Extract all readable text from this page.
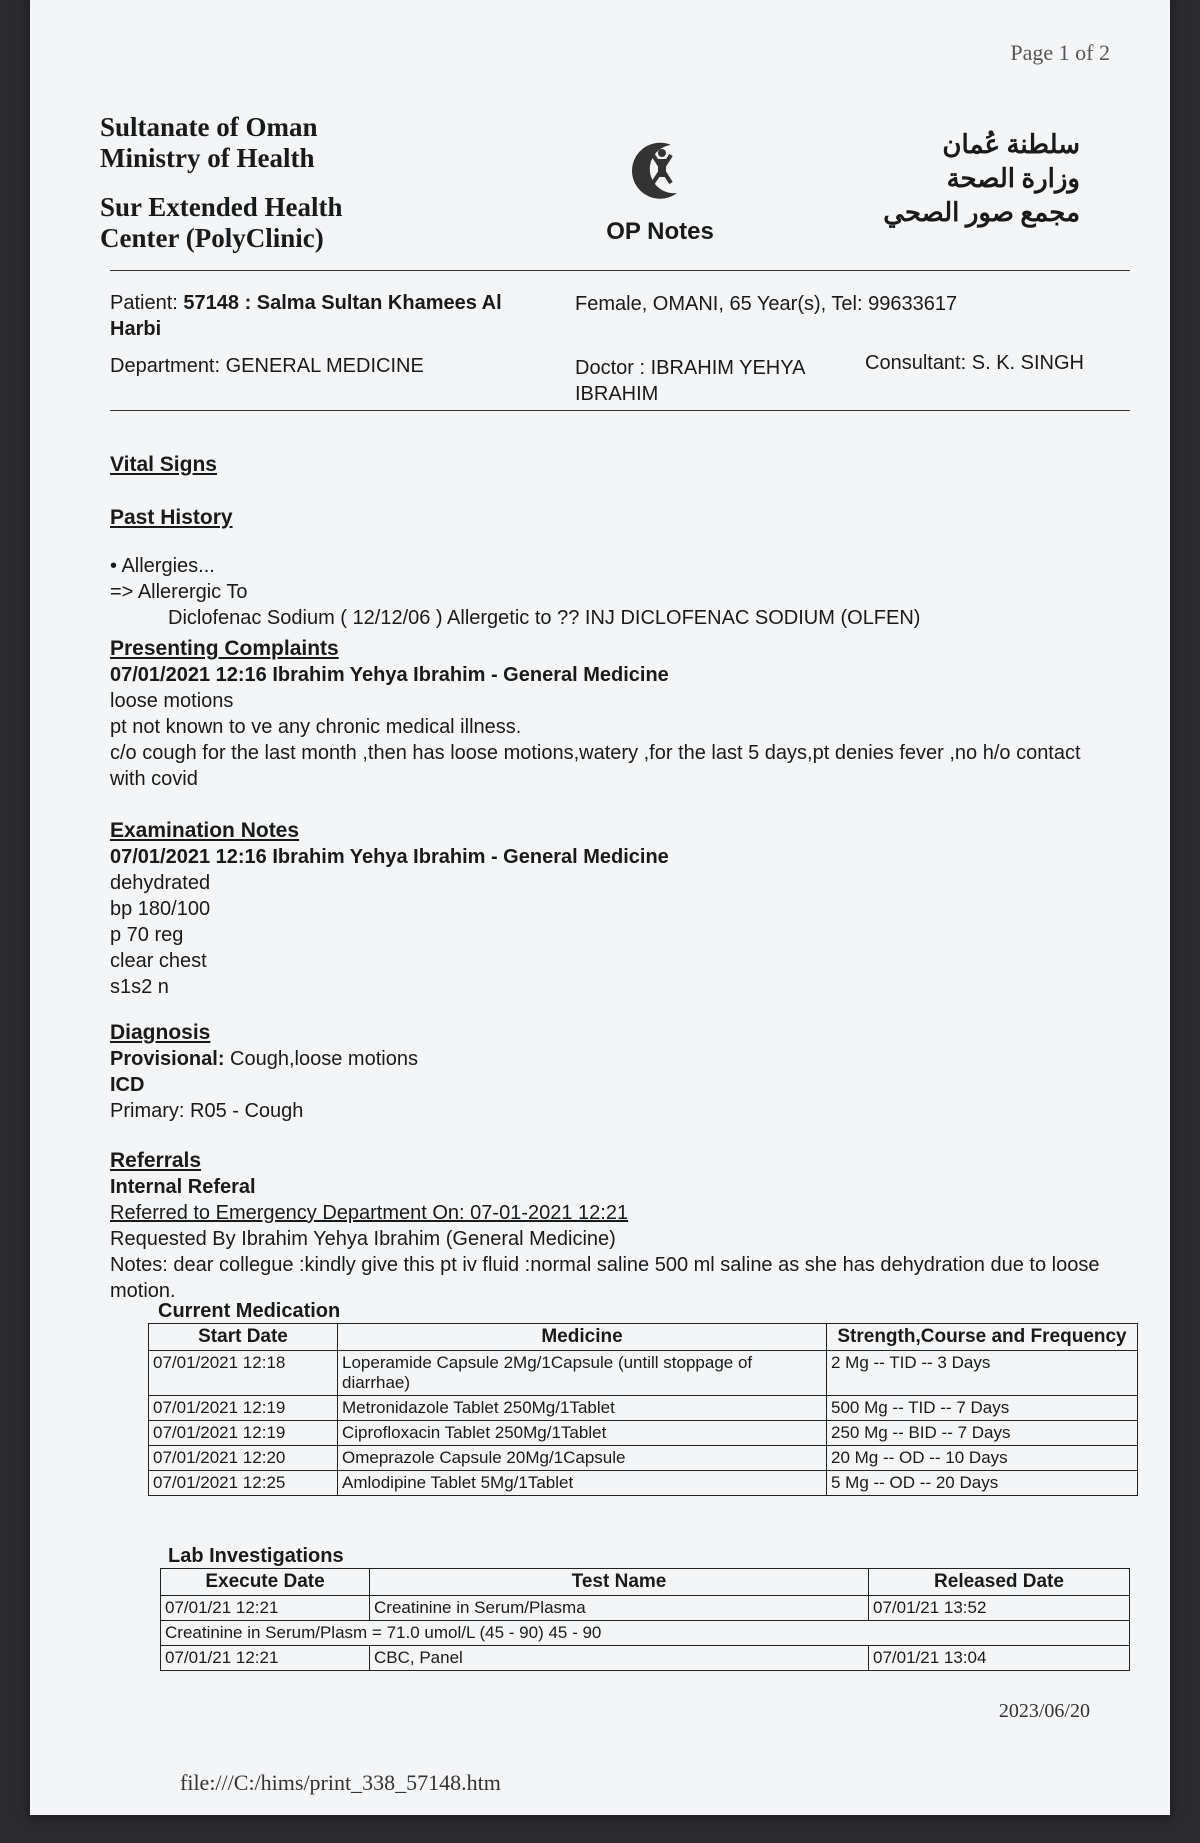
Page 1 of 2
Sultanate of Oman
Ministry of Health
Sur Extended Health
Center (PolyClinic)	OP Notes
سلطنة عُمان
وزارة الصحة
مجمع صور الصحي
Patient: 57148 : Salma Sultan Khamees Al Harbi
Female, OMANI, 65 Year(s), Tel: 99633617
Department: GENERAL MEDICINE	Doctor : IBRAHIM YEHYA IBRAHIM
Consultant: S. K. SINGH
Vital Signs
Past History

• Allergies...

=> Allerergic To

Diclofenac Sodium ( 12/12/06 ) Allergetic to ?? INJ DICLOFENAC SODIUM (OLFEN)

Presenting Complaints

07/01/2021 12:16 Ibrahim Yehya Ibrahim - General Medicine

loose motions

pt not known to ve any chronic medical illness.

c/o cough for the last month ,then has loose motions,watery ,for the last 5 days,pt denies fever ,no h/o contact with covid

Examination Notes

07/01/2021 12:16 Ibrahim Yehya Ibrahim - General Medicine

dehydrated

bp 180/100

p 70 reg

clear chest

s1s2 n

Diagnosis

Provisional: Cough,loose motions

ICD

Primary: R05 - Cough

Referrals

Internal Referal

Referred to Emergency Department On: 07-01-2021 12:21

Requested By Ibrahim Yehya Ibrahim (General Medicine)

Notes: dear collegue :kindly give this pt iv fluid :normal saline 500 ml saline as she has dehydration due to loose motion.

Current Medication
Start Date	Medicine	Strength,Course and Frequency
07/01/2021 12:18	Loperamide Capsule 2Mg/1Capsule (untill stoppage of diarrhae)	2 Mg -- TID -- 3 Days
07/01/2021 12:19	Metronidazole Tablet 250Mg/1Tablet	500 Mg -- TID -- 7 Days
07/01/2021 12:19	Ciprofloxacin Tablet 250Mg/1Tablet	250 Mg -- BID -- 7 Days
07/01/2021 12:20	Omeprazole Capsule 20Mg/1Capsule	20 Mg -- OD -- 10 Days
07/01/2021 12:25	Amlodipine Tablet 5Mg/1Tablet	5 Mg -- OD -- 20 Days
Lab Investigations
Execute Date	Test Name	Released Date
07/01/21 12:21	Creatinine in Serum/Plasma	07/01/21 13:52
Creatinine in Serum/Plasm = 71.0 umol/L (45 - 90) 45 - 90		
07/01/21 12:21	CBC, Panel	07/01/21 13:04
2023/06/20
file:///C:/hims/print_338_57148.htm
